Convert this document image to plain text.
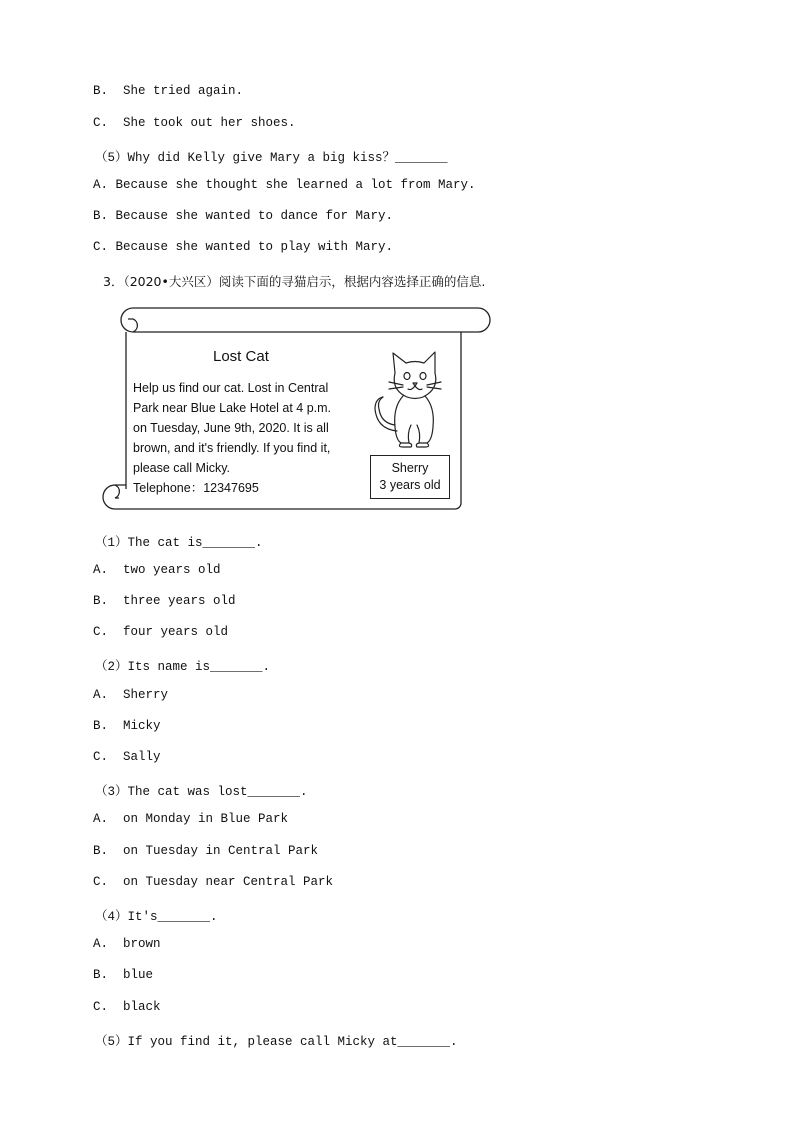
B.  She tried again.
C.  She took out her shoes.
（5）Why did Kelly give Mary a big kiss？_______
A. Because she thought she learned a lot from Mary.
B. Because she wanted to dance for Mary.
C. Because she wanted to play with Mary.
3．（2020•大兴区）阅读下面的寻猫启示，根据内容选择正确的信息.
Lost Cat
Help us find our cat. Lost in Central
Park near Blue Lake Hotel at 4 p.m.
on Tuesday, June 9th, 2020. It is all
brown, and it's friendly. If you find it,
please call Micky.
Telephone：12347695
Sherry
3 years old
（1）The cat is_______.
A.  two years old
B.  three years old
C.  four years old
（2）Its name is_______.
A.  Sherry
B.  Micky
C.  Sally
（3）The cat was lost_______.
A.  on Monday in Blue Park
B.  on Tuesday in Central Park
C.  on Tuesday near Central Park
（4）It's_______.
A.  brown
B.  blue
C.  black
（5）If you find it, please call Micky at_______.
